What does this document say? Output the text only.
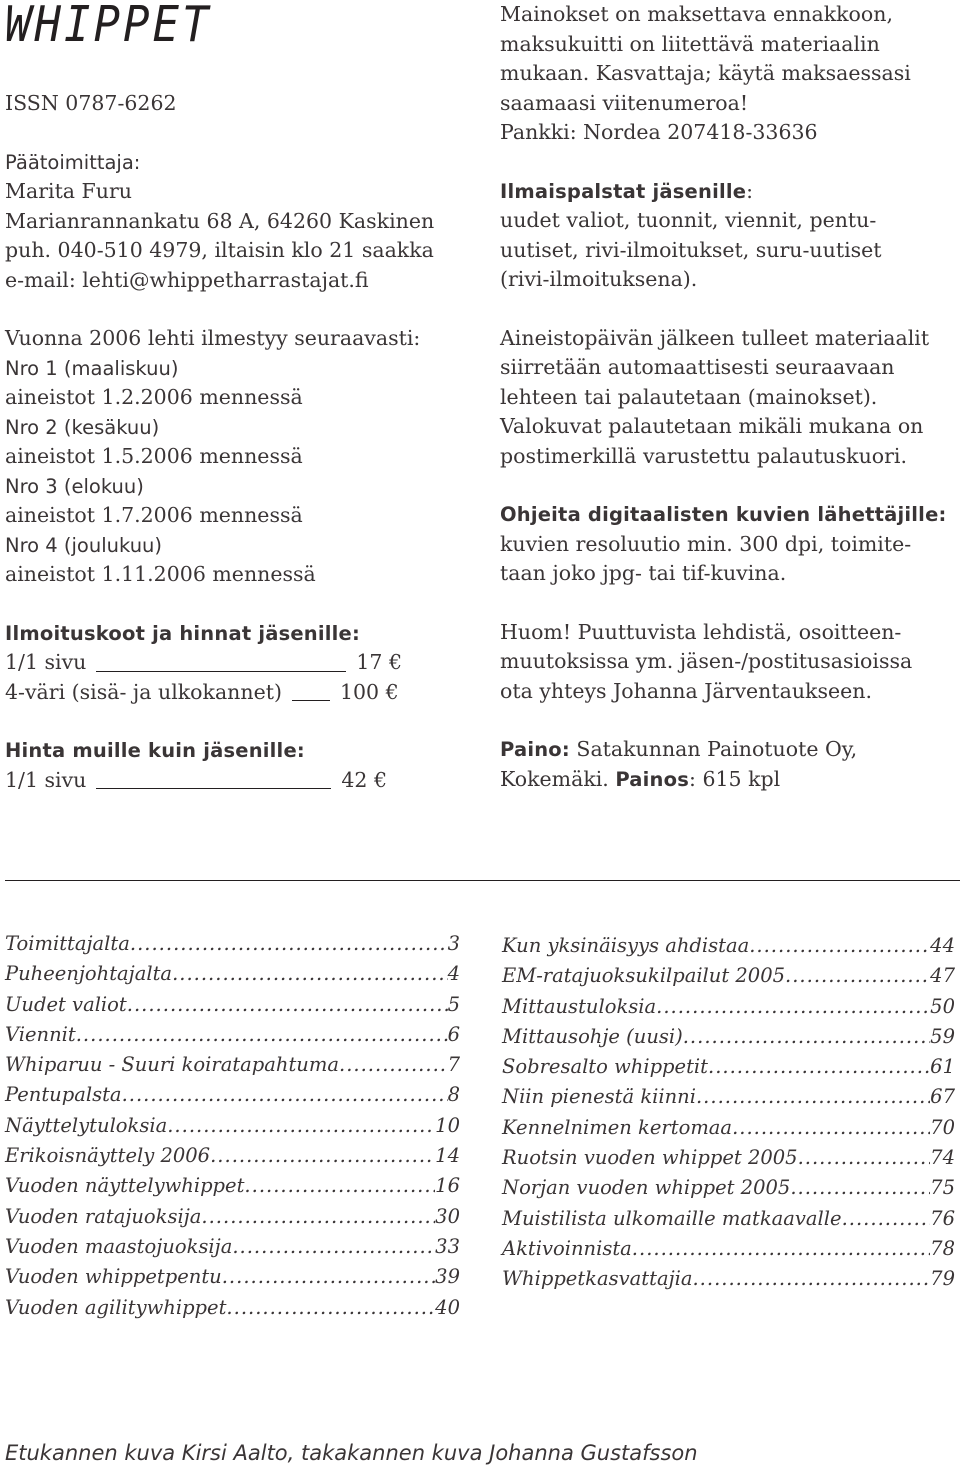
WHIPPET
ISSN 0787-6262
Päätoimittaja:
Marita Furu
Marianrannankatu 68 A, 64260 Kaskinen
puh. 040-510 4979, iltaisin klo 21 saakka
e-mail: lehti@whippetharrastajat.fi
Vuonna 2006 lehti ilmestyy seuraavasti:
Nro 1 (maaliskuu)
aineistot 1.2.2006 mennessä
Nro 2 (kesäkuu)
aineistot 1.5.2006 mennessä
Nro 3 (elokuu)
aineistot 1.7.2006 mennessä
Nro 4 (joulukuu)
aineistot 1.11.2006 mennessä
Ilmoituskoot ja hinnat jäsenille:
1/1 sivu	17 €
4-väri (sisä- ja ulkokannet)	100 €
Hinta muille kuin jäsenille:
1/1 sivu	42 €
Mainokset on maksettava ennakkoon,
maksukuitti on liitettävä materiaalin
mukaan. Kasvattaja; käytä maksaessasi
saamaasi viitenumeroa!
Pankki: Nordea 207418-33636
Ilmaispalstat jäsenille:
uudet valiot, tuonnit, viennit, pentu-
uutiset, rivi-ilmoitukset, suru-uutiset
(rivi-ilmoituksena).
Aineistopäivän jälkeen tulleet materiaalit
siirretään automaattisesti seuraavaan
lehteen tai palautetaan (mainokset).
Valokuvat palautetaan mikäli mukana on
postimerkillä varustettu palautuskuori.
Ohjeita digitaalisten kuvien lähettäjille:
kuvien resoluutio min. 300 dpi, toimite-
taan joko jpg- tai tif-kuvina.
Huom! Puuttuvista lehdistä, osoitteen-
muutoksissa ym. jäsen-/postitusasioissa
ota yhteys Johanna Järventaukseen.
Paino: Satakunnan Painotuote Oy,
Kokemäki. Painos: 615 kpl
Toimittajalta .....	3
Puheenjohtajalta .....	4
Uudet valiot .....	5
Viennit .....	6
Whiparuu - Suuri koiratapahtuma .....	7
Pentupalsta .....	8
Näyttelytuloksia .....	10
Erikoisnäyttely 2006 .....	14
Vuoden näyttelywhippet .....	16
Vuoden ratajuoksija .....	30
Vuoden maastojuoksija .....	33
Vuoden whippetpentu .....	39
Vuoden agilitywhippet .....	40
Kun yksinäisyys ahdistaa .....	44
EM-ratajuoksukilpailut 2005 .....	47
Mittaustuloksia .....	50
Mittausohje (uusi) .....	59
Sobresalto whippetit .....	61
Niin pienestä kiinni .....	67
Kennelnimen kertomaa .....	70
Ruotsin vuoden whippet 2005 .....	74
Norjan vuoden whippet 2005 .....	75
Muistilista ulkomaille matkaavalle .....	76
Aktivoinnista .....	78
Whippetkasvattajia .....	79
Etukannen kuva Kirsi Aalto, takakannen kuva Johanna Gustafsson
